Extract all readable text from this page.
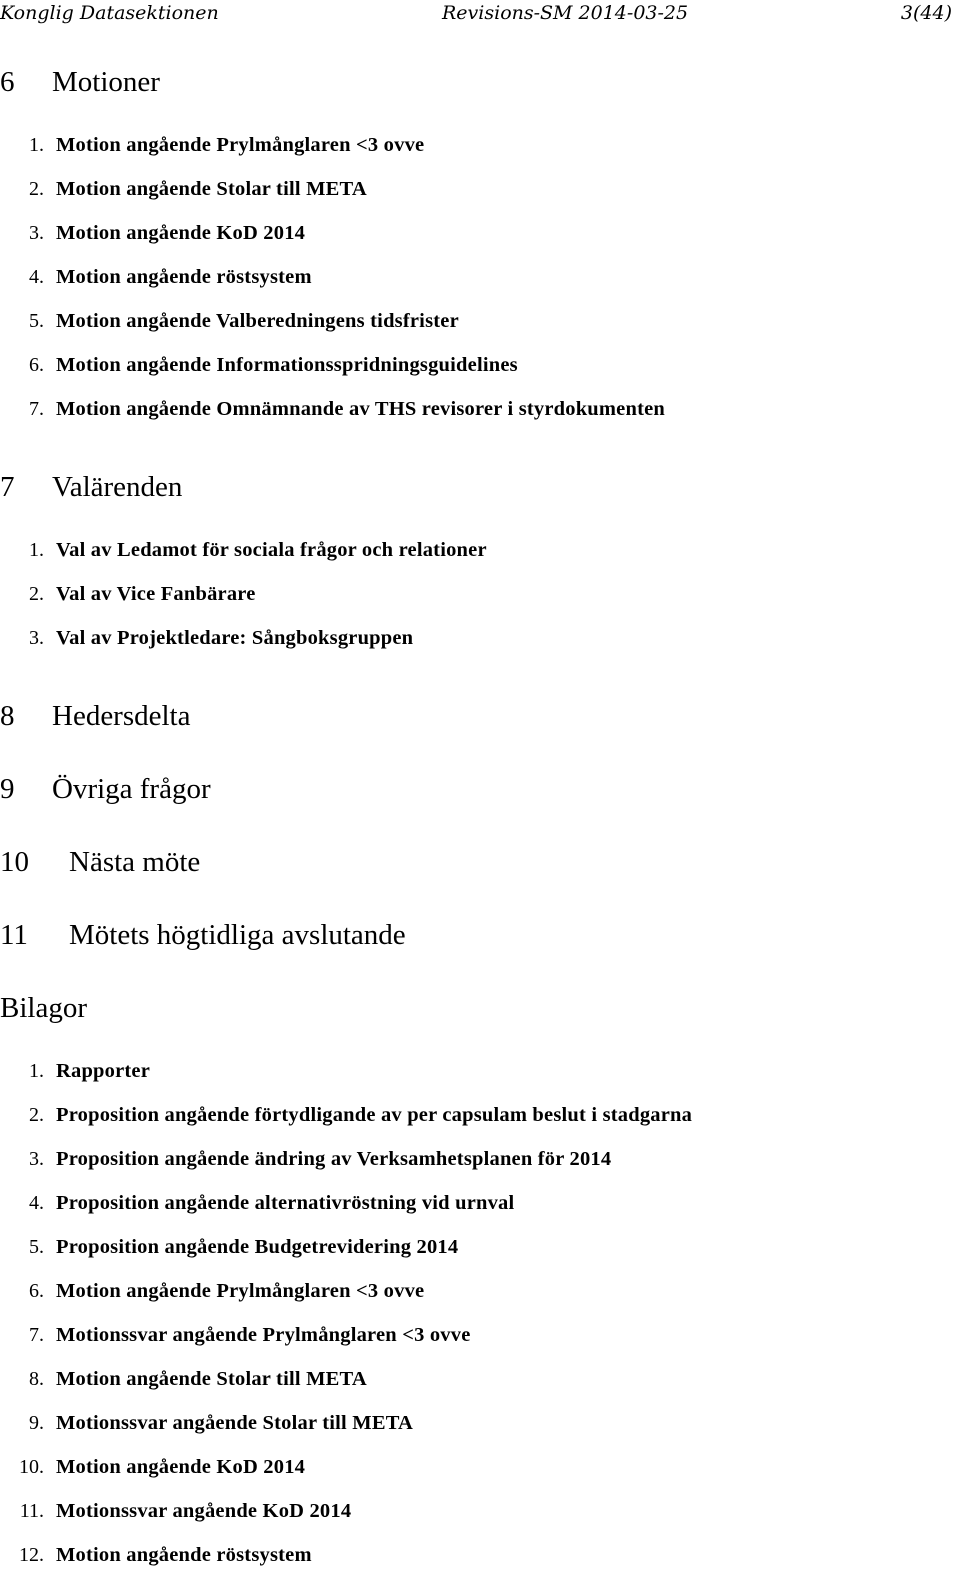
Konglig Datasektionen	Revisions-SM 2014-03-25	3(44)
6 Motioner
1. Motion angående Prylmånglaren <3 ovve
2. Motion angående Stolar till META
3. Motion angående KoD 2014
4. Motion angående röstsystem
5. Motion angående Valberedningens tidsfrister
6. Motion angående Informationsspridningsguidelines
7. Motion angående Omnämnande av THS revisorer i styrdokumenten
7 Valärenden
1. Val av Ledamot för sociala frågor och relationer
2. Val av Vice Fanbärare
3. Val av Projektledare: Sångboksgruppen
8 Hedersdelta
9 Övriga frågor
10 Nästa möte
11 Mötets högtidliga avslutande
Bilagor
1. Rapporter
2. Proposition angående förtydligande av per capsulam beslut i stadgarna
3. Proposition angående ändring av Verksamhetsplanen för 2014
4. Proposition angående alternativröstning vid urnval
5. Proposition angående Budgetrevidering 2014
6. Motion angående Prylmånglaren <3 ovve
7. Motionssvar angående Prylmånglaren <3 ovve
8. Motion angående Stolar till META
9. Motionssvar angående Stolar till META
10. Motion angående KoD 2014
11. Motionssvar angående KoD 2014
12. Motion angående röstsystem
